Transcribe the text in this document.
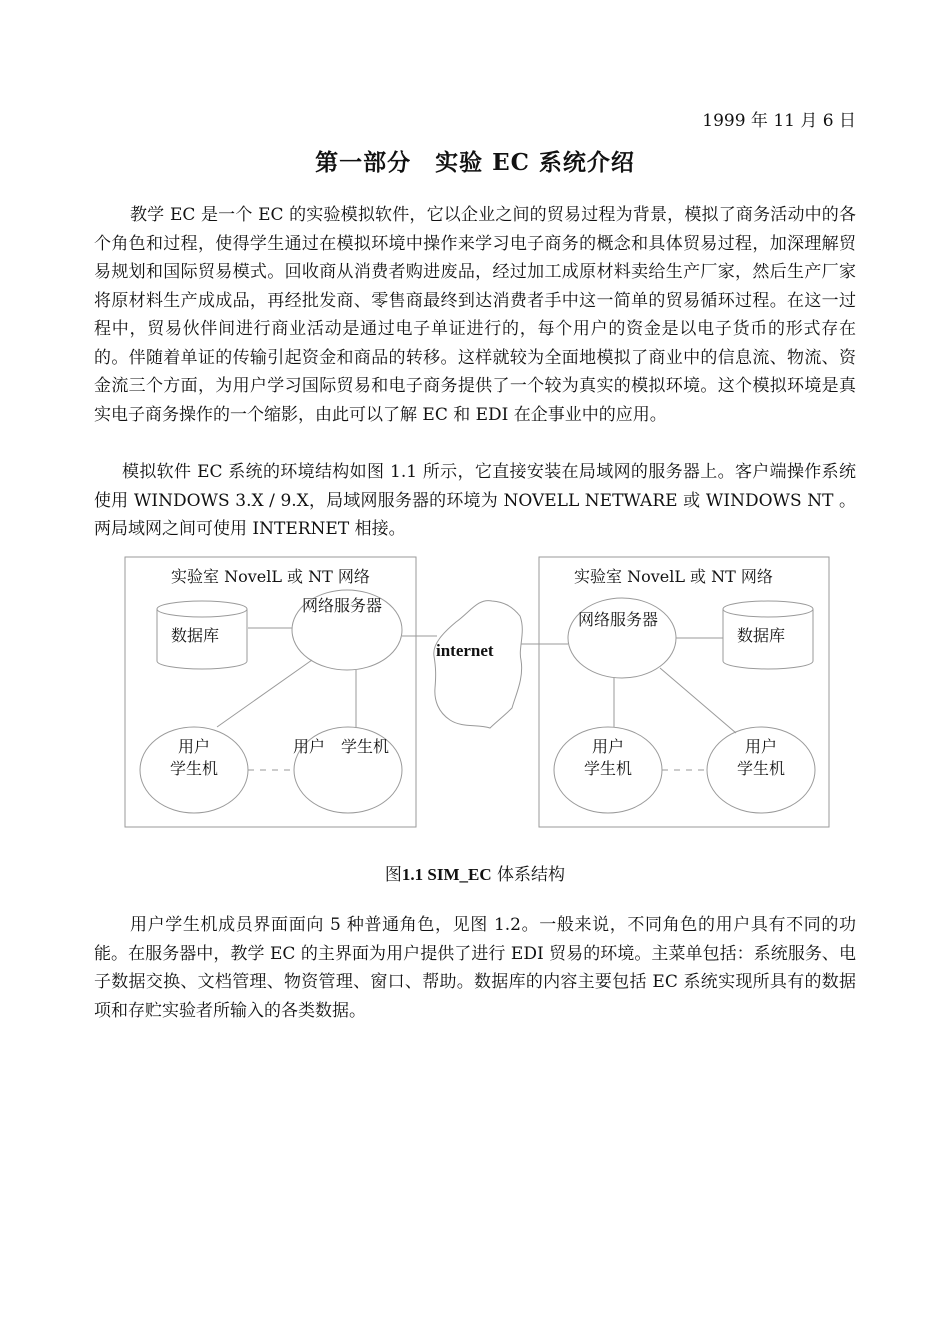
1999 年 11 月 6 日
第一部分　实验 EC 系统介绍
教学 EC 是一个 EC 的实验模拟软件，它以企业之间的贸易过程为背景，模拟了商务活动中的各个角色和过程，使得学生通过在模拟环境中操作来学习电子商务的概念和具体贸易过程，加深理解贸易规划和国际贸易模式。回收商从消费者购进废品，经过加工成原材料卖给生产厂家，然后生产厂家将原材料生产成成品，再经批发商、零售商最终到达消费者手中这一简单的贸易循环过程。在这一过程中，贸易伙伴间进行商业活动是通过电子单证进行的，每个用户的资金是以电子货币的形式存在的。伴随着单证的传输引起资金和商品的转移。这样就较为全面地模拟了商业中的信息流、物流、资金流三个方面，为用户学习国际贸易和电子商务提供了一个较为真实的模拟环境。这个模拟环境是真实电子商务操作的一个缩影，由此可以了解 EC 和 EDI 在企事业中的应用。
模拟软件 EC 系统的环境结构如图 1.1 所示，它直接安装在局域网的服务器上。客户端操作系统使用 WINDOWS 3.X / 9.X，局域网服务器的环境为 NOVELL NETWARE 或 WINDOWS NT 。两局域网之间可使用 INTERNET 相接。
实验室 NovelL 或 NT 网络
数据库
网络服务器
用户
学生机
用户　学生机
internet
实验室 NovelL 或 NT 网络
网络服务器
数据库
用户
学生机
用户
学生机
图1.1 SIM_EC 体系结构
用户学生机成员界面面向 5 种普通角色，见图 1.2。一般来说，不同角色的用户具有不同的功能。在服务器中，教学 EC 的主界面为用户提供了进行 EDI 贸易的环境。主菜单包括：系统服务、电子数据交换、文档管理、物资管理、窗口、帮助。数据库的内容主要包括 EC 系统实现所具有的数据项和存贮实验者所输入的各类数据。
